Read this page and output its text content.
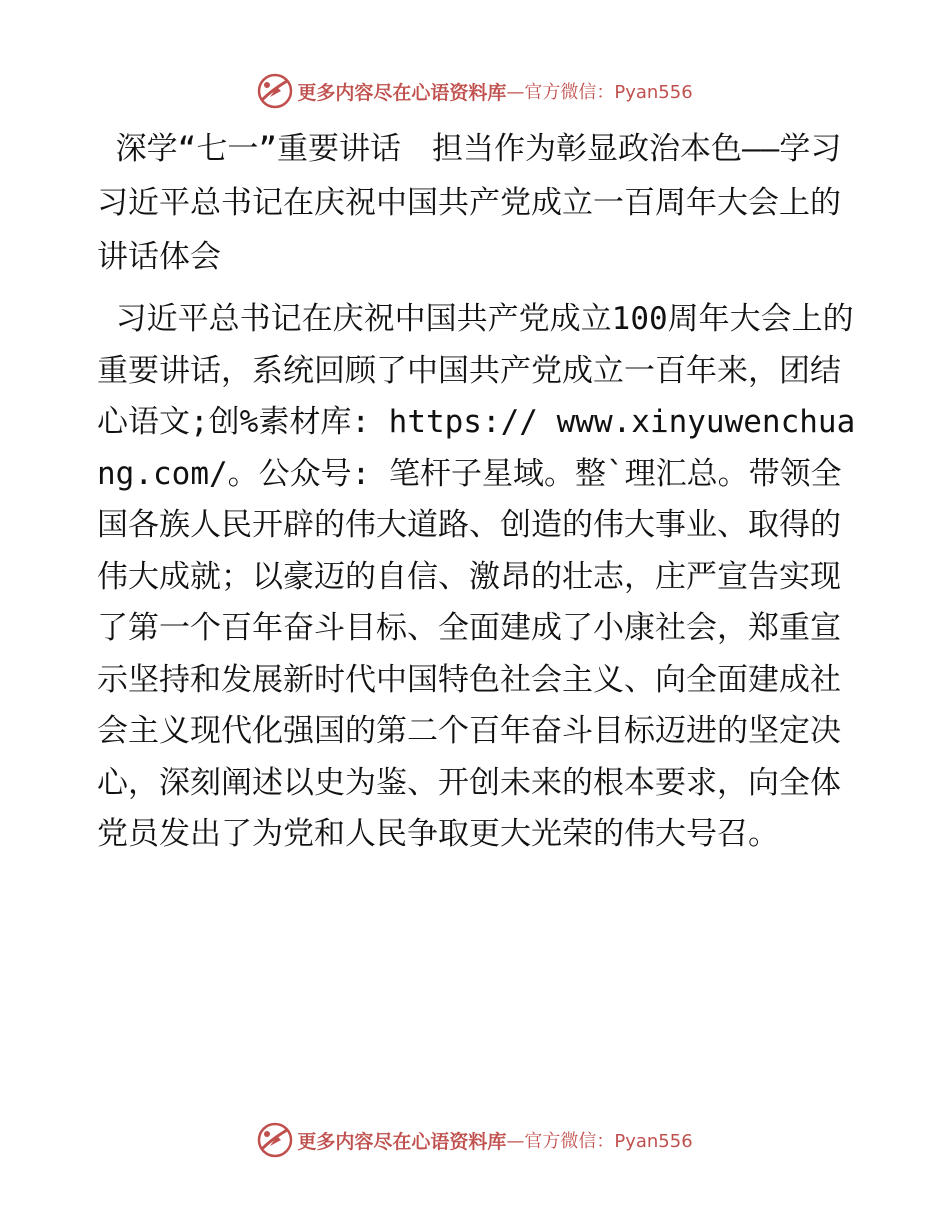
更多内容尽在心语资料库 —官方微信：Pyan556
深学“七一”重要讲话　担当作为彰显政治本色——学习习近平总书记在庆祝中国共产党成立一百周年大会上的讲话体会

习近平总书记在庆祝中国共产党成立100周年大会上的重要讲话，系统回顾了中国共产党成立一百年来，团结心语文;创%素材库: https:// www.xinyuwenchuang.com/。公众号: 笔杆子星域。整`理汇总。带领全国各族人民开辟的伟大道路、创造的伟大事业、取得的伟大成就；以豪迈的自信、激昂的壮志，庄严宣告实现了第一个百年奋斗目标、全面建成了小康社会，郑重宣示坚持和发展新时代中国特色社会主义、向全面建成社会主义现代化强国的第二个百年奋斗目标迈进的坚定决心，深刻阐述以史为鉴、开创未来的根本要求，向全体党员发出了为党和人民争取更大光荣的伟大号召。

更多内容尽在心语资料库 —官方微信：Pyan556
